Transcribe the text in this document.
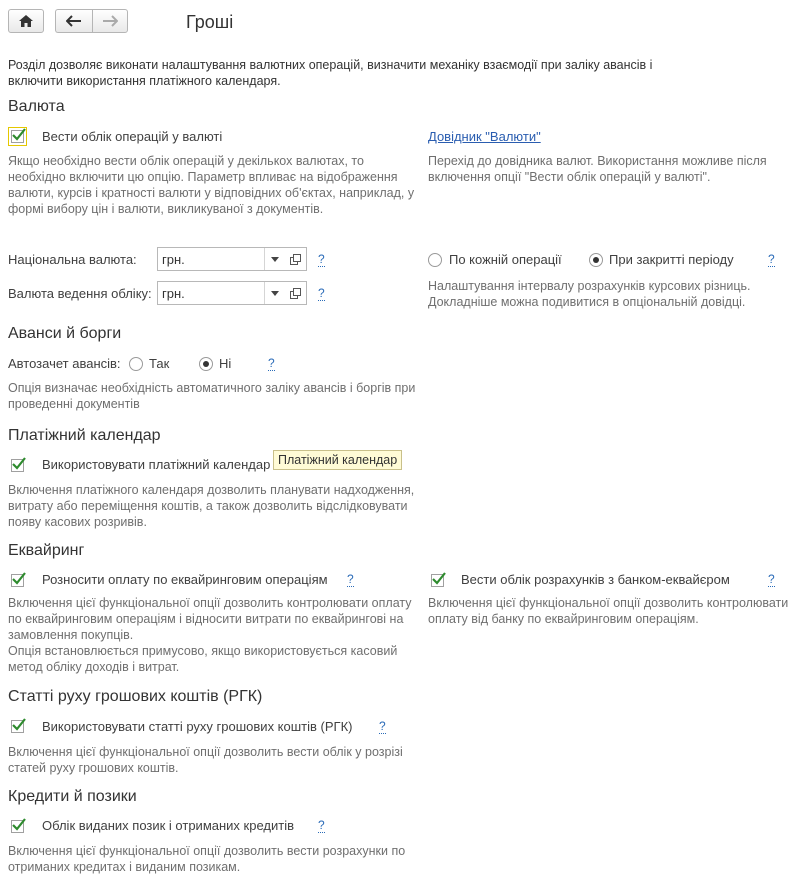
Гроші
Розділ дозволяє виконати налаштування валютних операцій, визначити механіку взаємодії при заліку авансів і включити використання платіжного календаря.
Валюта
Вести облік операцій у валюті
Якщо необхідно вести облік операцій у декількох валютах, то необхідно включити цю опцію. Параметр впливає на відображення валюти, курсів і кратності валюти у відповідних об'єктах, наприклад, у формі вибору цін і валюти, викликуваної з документів.
Довідник "Валюти"
Перехід до довідника валют. Використання можливе після включення опції "Вести облік операцій у валюті".
Національна валюта: грн.	?
Валюта ведення обліку: грн.	?
По кожній операції	При закритті періоду	?
Налаштування інтервалу розрахунків курсових різниць. Докладніше можна подивитися в опціональній довідці.
Аванси й борги
Автозачет авансів: Так	Ні	?
Опція визначає необхідність автоматичного заліку авансів і боргів при проведенні документів
Платіжний календар
Використовувати платіжний календар Платіжний календар
Включення платіжного календаря дозволить планувати надходження, витрату або переміщення коштів, а також дозволить відслідковувати появу касових розривів.
Еквайринг
Розносити оплату по еквайринговим операціям ?
Включення цієї функціональної опції дозволить контролювати оплату по еквайринговим операціям і відносити витрати по еквайрингові на замовлення покупців.
Опція встановлюється примусово, якщо використовується касовий метод обліку доходів і витрат.
Вести облік розрахунків з банком-еквайєром	?
Включення цієї функціональної опції дозволить контролювати оплату від банку по еквайринговим операціям.
Статті руху грошових коштів (РГК)
Використовувати статті руху грошових коштів (РГК) ?
Включення цієї функціональної опції дозволить вести облік у розрізі статей руху грошових коштів.
Кредити й позики
Облік виданих позик і отриманих кредитів ?
Включення цієї функціональної опції дозволить вести розрахунки по отриманих кредитах і виданим позикам.
